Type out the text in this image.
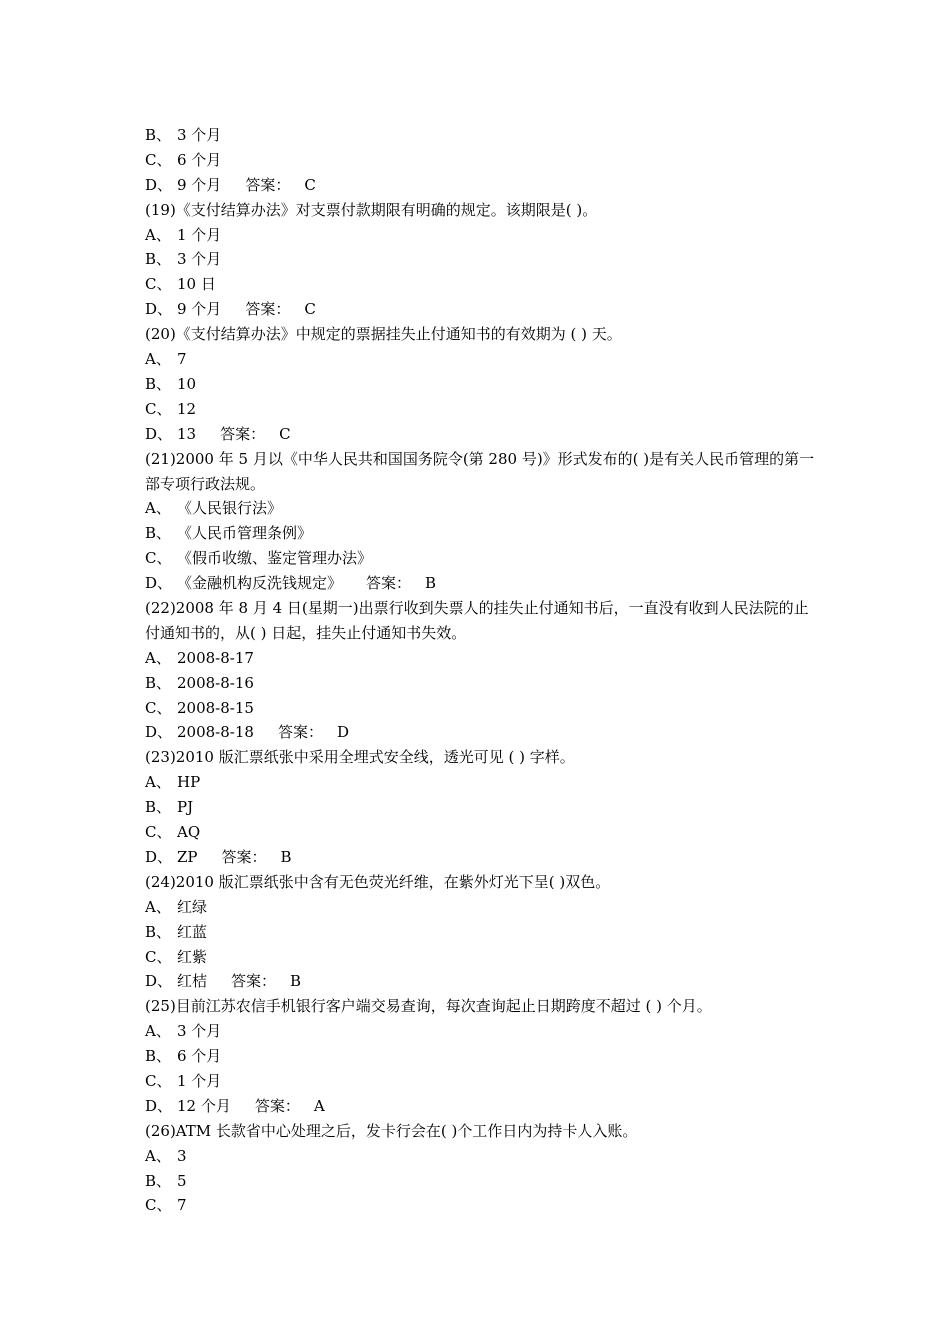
B、 3 个月
C、 6 个月
D、 9 个月 答案： C
(19)《支付结算办法》对支票付款期限有明确的规定。该期限是( )。
A、 1 个月
B、 3 个月
C、 10 日
D、 9 个月 答案： C
(20)《支付结算办法》中规定的票据挂失止付通知书的有效期为 ( ) 天。
A、 7
B、 10
C、 12
D、 13 答案： C
(21)2000 年 5 月以《中华人民共和国国务院令(第 280 号)》形式发布的( )是有关人民币管理的第一部专项行政法规。
A、 《人民银行法》
B、 《人民币管理条例》
C、 《假币收缴、鉴定管理办法》
D、 《金融机构反洗钱规定》 答案： B
(22)2008 年 8 月 4 日(星期一)出票行收到失票人的挂失止付通知书后，一直没有收到人民法院的止付通知书的，从( ) 日起，挂失止付通知书失效。
A、 2008-8-17
B、 2008-8-16
C、 2008-8-15
D、 2008-8-18 答案： D
(23)2010 版汇票纸张中采用全埋式安全线，透光可见 ( ) 字样。
A、 HP
B、 PJ
C、 AQ
D、 ZP 答案： B
(24)2010 版汇票纸张中含有无色荧光纤维，在紫外灯光下呈( )双色。
A、 红绿
B、 红蓝
C、 红紫
D、 红桔 答案： B
(25)目前江苏农信手机银行客户端交易查询，每次查询起止日期跨度不超过 ( ) 个月。
A、 3 个月
B、 6 个月
C、 1 个月
D、 12 个月 答案： A
(26)ATM 长款省中心处理之后，发卡行会在( )个工作日内为持卡人入账。
A、 3
B、 5
C、 7
